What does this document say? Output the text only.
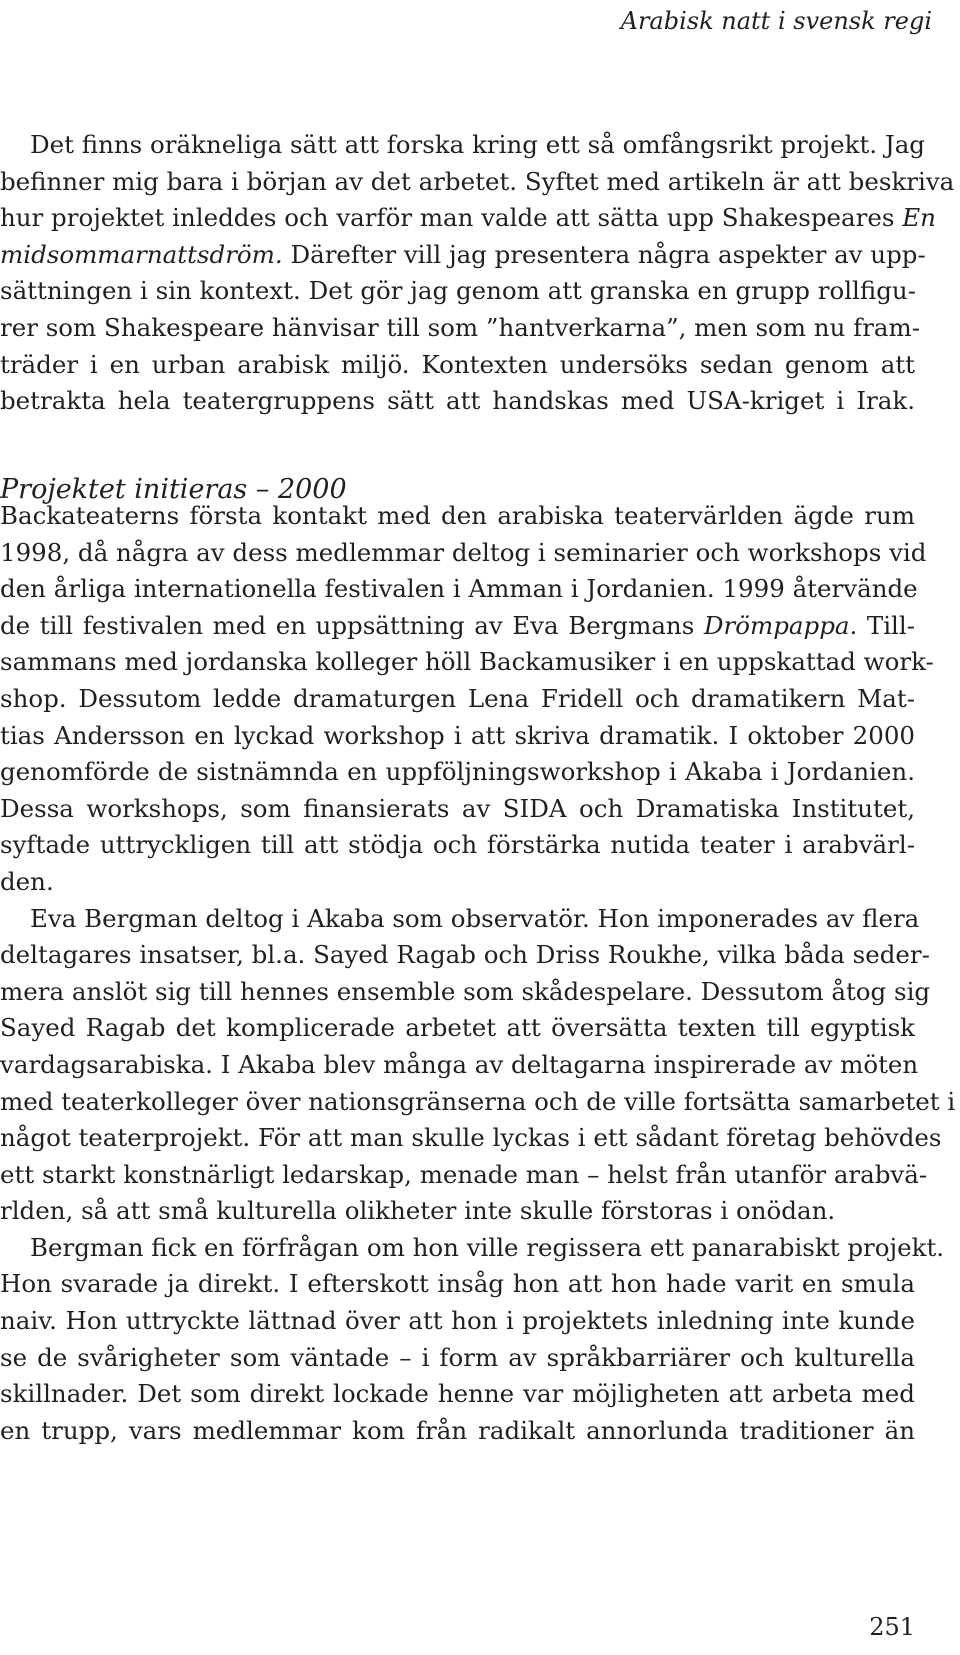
Arabisk natt i svensk regi
Det finns oräkneliga sätt att forska kring ett så omfångsrikt projekt. Jag
befinner mig bara i början av det arbetet. Syftet med artikeln är att beskriva
hur projektet inleddes och varför man valde att sätta upp Shakespeares En
midsommarnattsdröm. Därefter vill jag presentera några aspekter av upp-
sättningen i sin kontext. Det gör jag genom att granska en grupp rollfigu-
rer som Shakespeare hänvisar till som ”hantverkarna”, men som nu fram-
träder i en urban arabisk miljö. Kontexten undersöks sedan genom att
betrakta hela teatergruppens sätt att handskas med USA-kriget i Irak.
Projektet initieras – 2000
Backateaterns första kontakt med den arabiska teatervärlden ägde rum
1998, då några av dess medlemmar deltog i seminarier och workshops vid
den årliga internationella festivalen i Amman i Jordanien. 1999 återvände
de till festivalen med en uppsättning av Eva Bergmans Drömpappa. Till-
sammans med jordanska kolleger höll Backamusiker i en uppskattad work-
shop. Dessutom ledde dramaturgen Lena Fridell och dramatikern Mat-
tias Andersson en lyckad workshop i att skriva dramatik. I oktober 2000
genomförde de sistnämnda en uppföljningsworkshop i Akaba i Jordanien.
Dessa workshops, som finansierats av SIDA och Dramatiska Institutet,
syftade uttryckligen till att stödja och förstärka nutida teater i arabvärl-
den.
Eva Bergman deltog i Akaba som observatör. Hon imponerades av flera
deltagares insatser, bl.a. Sayed Ragab och Driss Roukhe, vilka båda seder-
mera anslöt sig till hennes ensemble som skådespelare. Dessutom åtog sig
Sayed Ragab det komplicerade arbetet att översätta texten till egyptisk
vardagsarabiska. I Akaba blev många av deltagarna inspirerade av möten
med teaterkolleger över nationsgränserna och de ville fortsätta samarbetet i
något teaterprojekt. För att man skulle lyckas i ett sådant företag behövdes
ett starkt konstnärligt ledarskap, menade man – helst från utanför arabvä-
rlden, så att små kulturella olikheter inte skulle förstoras i onödan.
Bergman fick en förfrågan om hon ville regissera ett panarabiskt projekt.
Hon svarade ja direkt. I efterskott insåg hon att hon hade varit en smula
naiv. Hon uttryckte lättnad över att hon i projektets inledning inte kunde
se de svårigheter som väntade – i form av språkbarriärer och kulturella
skillnader. Det som direkt lockade henne var möjligheten att arbeta med
en trupp, vars medlemmar kom från radikalt annorlunda traditioner än
251
